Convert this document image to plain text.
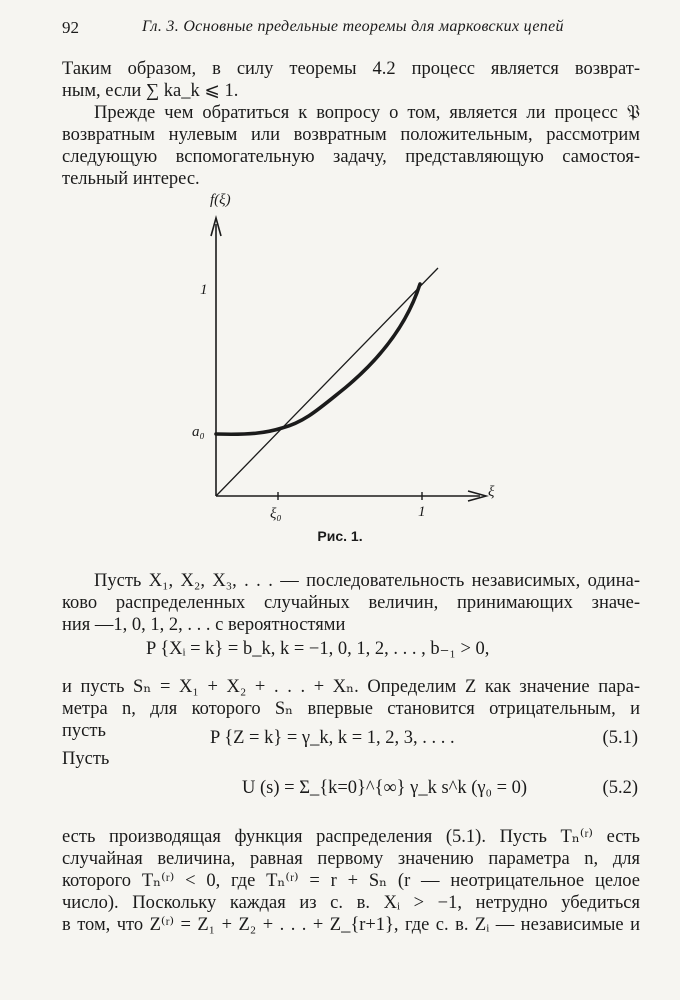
92	Гл. 3. Основные предельные теоремы для марковских цепей
Таким образом, в силу теоремы 4.2 процесс является возврат-
ным, если ∑ ka_k ⩽ 1.
Прежде чем обратиться к вопросу о том, является ли процесс 𝔓
возвратным нулевым или возвратным положительным, рассмотрим
следующую вспомогательную задачу, представляющую самостоя-
тельный интерес.
f(ξ)
1
a₀
ξ
ξ₀	1
Рис. 1.
Пусть X₁, X₂, X₃, . . . — последовательность независимых, одина-
ково распределенных случайных величин, принимающих значе-
ния —1, 0, 1, 2, . . . с вероятностями
P {Xᵢ = k} = b_k, k = −1, 0, 1, 2, . . . , b₋₁ > 0,
и пусть Sₙ = X₁ + X₂ + . . . + Xₙ. Определим Z как значение пара-
метра n, для которого Sₙ впервые становится отрицательным, и
пусть	P {Z = k} = γ_k, k = 1, 2, 3, . . . .	(5.1)
Пусть
U (s) = Σ_{k=0}^{∞} γ_k s^k (γ₀ = 0)	(5.2)
есть производящая функция распределения (5.1). Пусть Tₙ⁽ʳ⁾ есть
случайная величина, равная первому значению параметра n, для
которого Tₙ⁽ʳ⁾ < 0, где Tₙ⁽ʳ⁾ = r + Sₙ (r — неотрицательное целое
число). Поскольку каждая из с. в. Xᵢ > −1, нетрудно убедиться
в том, что Z⁽ʳ⁾ = Z₁ + Z₂ + . . . + Z_{r+1}, где с. в. Zᵢ — независимые и
